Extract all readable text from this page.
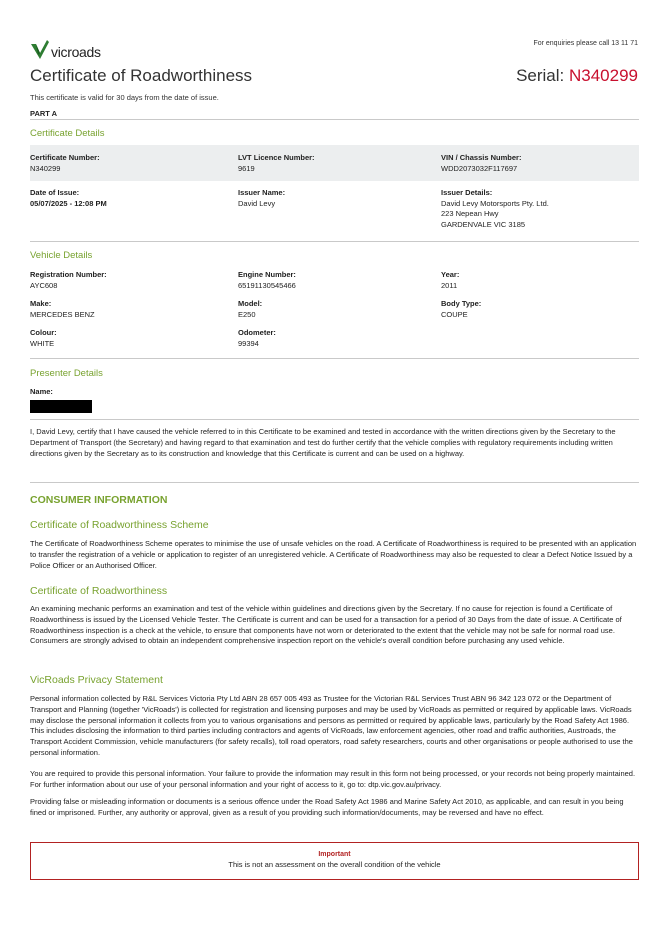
vicroads
For enquiries please call 13 11 71
Certificate of Roadworthiness	Serial: N340299
This certificate is valid for 30 days from the date of issue.
PART A
Certificate Details
Certificate Number:
N340299
LVT Licence Number:
9619
VIN / Chassis Number:
WDD2073032F117697
Date of Issue:
05/07/2025 - 12:08 PM
Issuer Name:
David Levy
Issuer Details:
David Levy Motorsports Pty. Ltd.
223 Nepean Hwy
GARDENVALE VIC 3185
Vehicle Details
Registration Number:
AYC608
Engine Number:
65191130545466
Year:
2011
Make:
MERCEDES BENZ
Model:
E250
Body Type:
COUPE
Colour:
WHITE
Odometer:
99394
Presenter Details
Name:
I, David Levy, certify that I have caused the vehicle referred to in this Certificate to be examined and tested in accordance with the written directions given by the Secretary to the Department of Transport (the Secretary) and having regard to that examination and test do further certify that the vehicle complies with regulatory requirements including written directions given by the Secretary as to its construction and knowledge that this Certificate is current and can be used on a highway.
CONSUMER INFORMATION
Certificate of Roadworthiness Scheme
The Certificate of Roadworthiness Scheme operates to minimise the use of unsafe vehicles on the road. A Certificate of Roadworthiness is required to be presented with an application to transfer the registration of a vehicle or application to register of an unregistered vehicle. A Certificate of Roadworthiness may also be requested to clear a Defect Notice Issued by a Police Officer or an Authorised Officer.
Certificate of Roadworthiness
An examining mechanic performs an examination and test of the vehicle within guidelines and directions given by the Secretary. If no cause for rejection is found a Certificate of Roadworthiness is issued by the Licensed Vehicle Tester. The Certificate is current and can be used for a transaction for a period of 30 Days from the date of issue. A Certificate of Roadworthiness inspection is a check at the vehicle, to ensure that components have not worn or deteriorated to the extent that the vehicle may not be safe for normal road use. Consumers are strongly advised to obtain an independent comprehensive inspection report on the vehicle's overall condition before purchasing any used vehicle.
VicRoads Privacy Statement
Personal information collected by R&L Services Victoria Pty Ltd ABN 28 657 005 493 as Trustee for the Victorian R&L Services Trust ABN 96 342 123 072 or the Department of Transport and Planning (together 'VicRoads') is collected for registration and licensing purposes and may be used by VicRoads as permitted or required by applicable laws. VicRoads may disclose the personal information it collects from you to various organisations and persons as permitted or required by applicable laws, particularly by the Road Safety Act 1986. This includes disclosing the information to third parties including contractors and agents of VicRoads, law enforcement agencies, other road and traffic authorities, Austroads, the Transport Accident Commission, vehicle manufacturers (for safety recalls), toll road operators, road safety researchers, courts and other organisations or people authorised to use the personal information.
You are required to provide this personal information. Your failure to provide the information may result in this form not being processed, or your records not being properly maintained. For further information about our use of your personal information and your right of access to it, go to: dtp.vic.gov.au/privacy.
Providing false or misleading information or documents is a serious offence under the Road Safety Act 1986 and Marine Safety Act 2010, as applicable, and can result in you being fined or imprisoned. Further, any authority or approval, given as a result of you providing such information/documents, may be reversed and have no effect.
Important
This is not an assessment on the overall condition of the vehicle
